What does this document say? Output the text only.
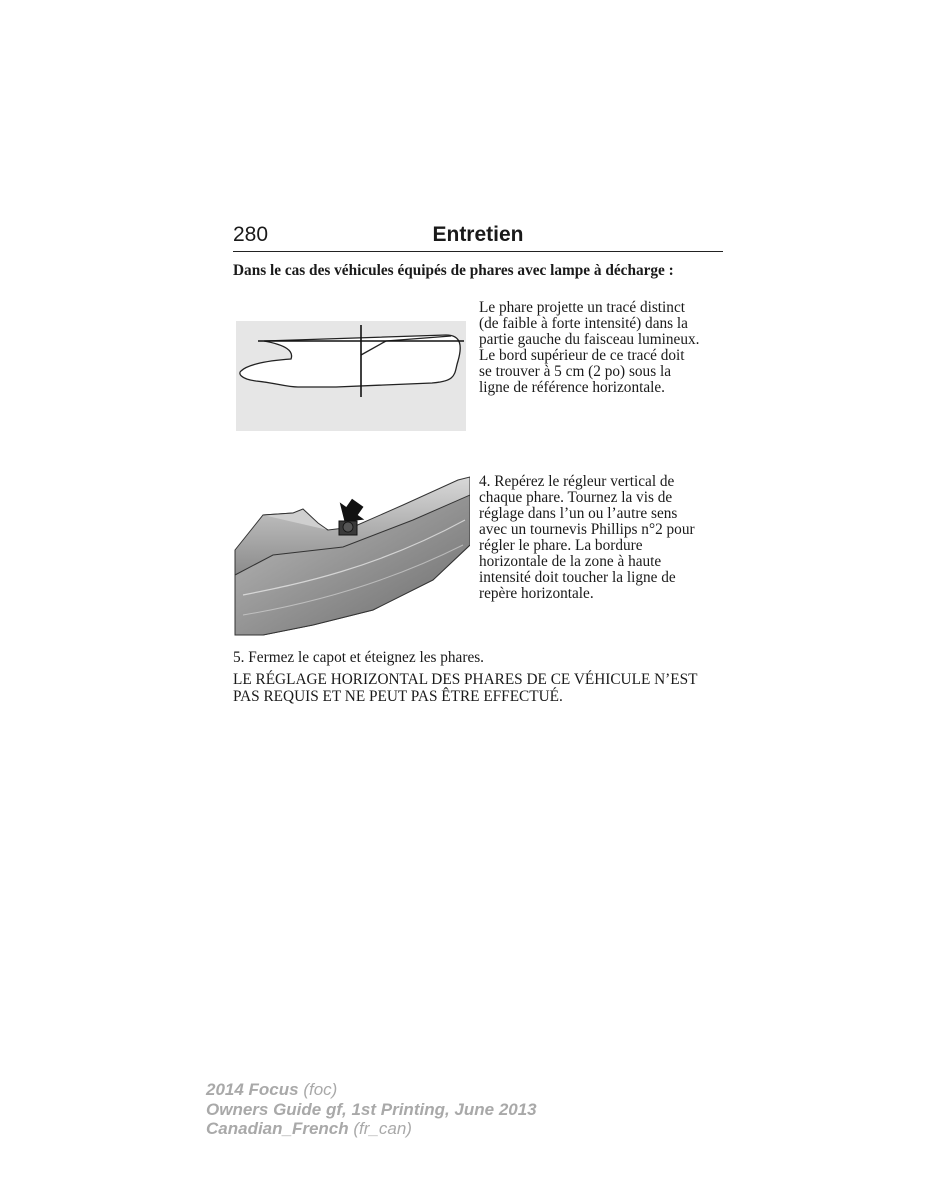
280	Entretien
Dans le cas des véhicules équipés de phares avec lampe à décharge :
Le phare projette un tracé distinct
(de faible à forte intensité) dans la
partie gauche du faisceau lumineux.
Le bord supérieur de ce tracé doit
se trouver à 5 cm (2 po) sous la
ligne de référence horizontale.
4. Repérez le régleur vertical de
chaque phare. Tournez la vis de
réglage dans l’un ou l’autre sens
avec un tournevis Phillips n°2 pour
régler le phare. La bordure
horizontale de la zone à haute
intensité doit toucher la ligne de
repère horizontale.
5. Fermez le capot et éteignez les phares.
LE RÉGLAGE HORIZONTAL DES PHARES DE CE VÉHICULE N’EST
PAS REQUIS ET NE PEUT PAS ÊTRE EFFECTUÉ.
2014 Focus (foc)
Owners Guide gf, 1st Printing, June 2013
Canadian_French (fr_can)
